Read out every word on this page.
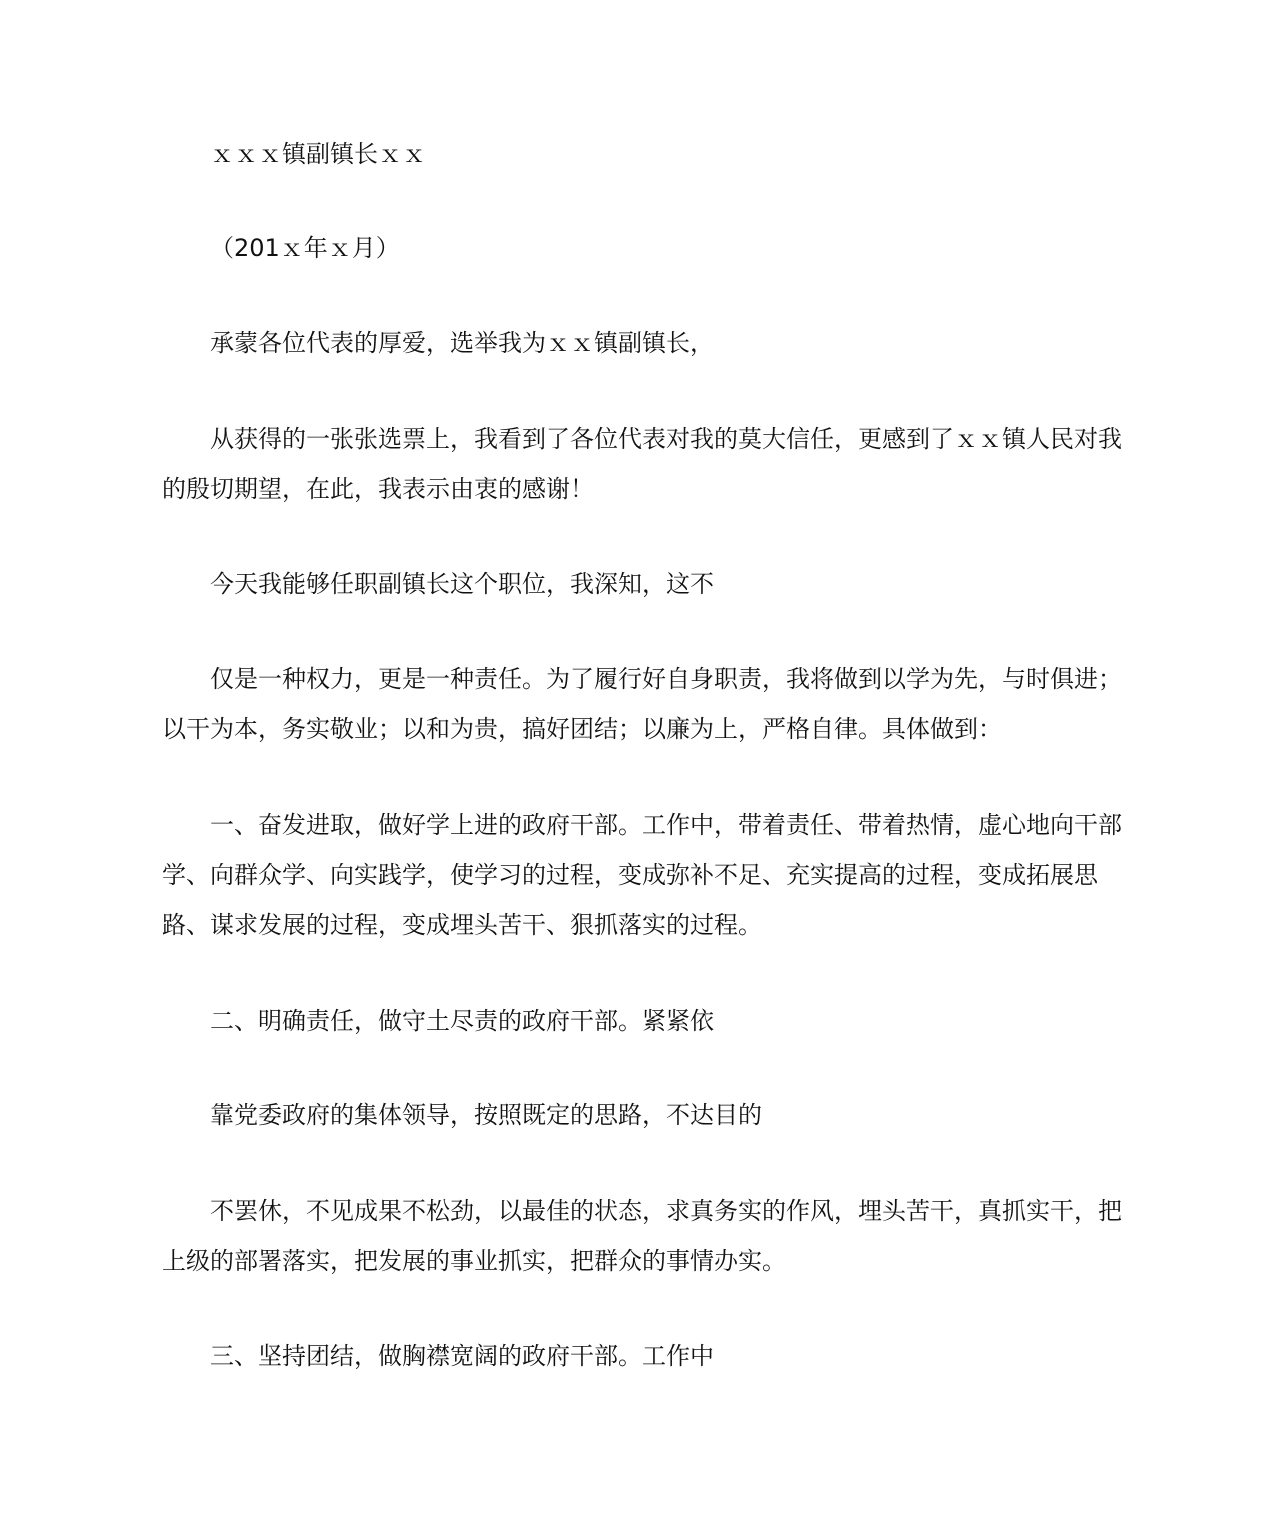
ｘｘｘ镇副镇长ｘｘ

（201ｘ年ｘ月）

承蒙各位代表的厚爱，选举我为ｘｘ镇副镇长，

从获得的一张张选票上，我看到了各位代表对我的莫大信任，更感到了ｘｘ镇人民对我的殷切期望，在此，我表示由衷的感谢！

今天我能够任职副镇长这个职位，我深知，这不

仅是一种权力，更是一种责任。为了履行好自身职责，我将做到以学为先，与时俱进；以干为本，务实敬业；以和为贵，搞好团结；以廉为上，严格自律。具体做到：

一、奋发进取，做好学上进的政府干部。工作中，带着责任、带着热情，虚心地向干部学、向群众学、向实践学，使学习的过程，变成弥补不足、充实提高的过程，变成拓展思路、谋求发展的过程，变成埋头苦干、狠抓落实的过程。

二、明确责任，做守土尽责的政府干部。紧紧依

靠党委政府的集体领导，按照既定的思路，不达目的

不罢休，不见成果不松劲，以最佳的状态，求真务实的作风，埋头苦干，真抓实干，把上级的部署落实，把发展的事业抓实，把群众的事情办实。

三、坚持团结，做胸襟宽阔的政府干部。工作中
